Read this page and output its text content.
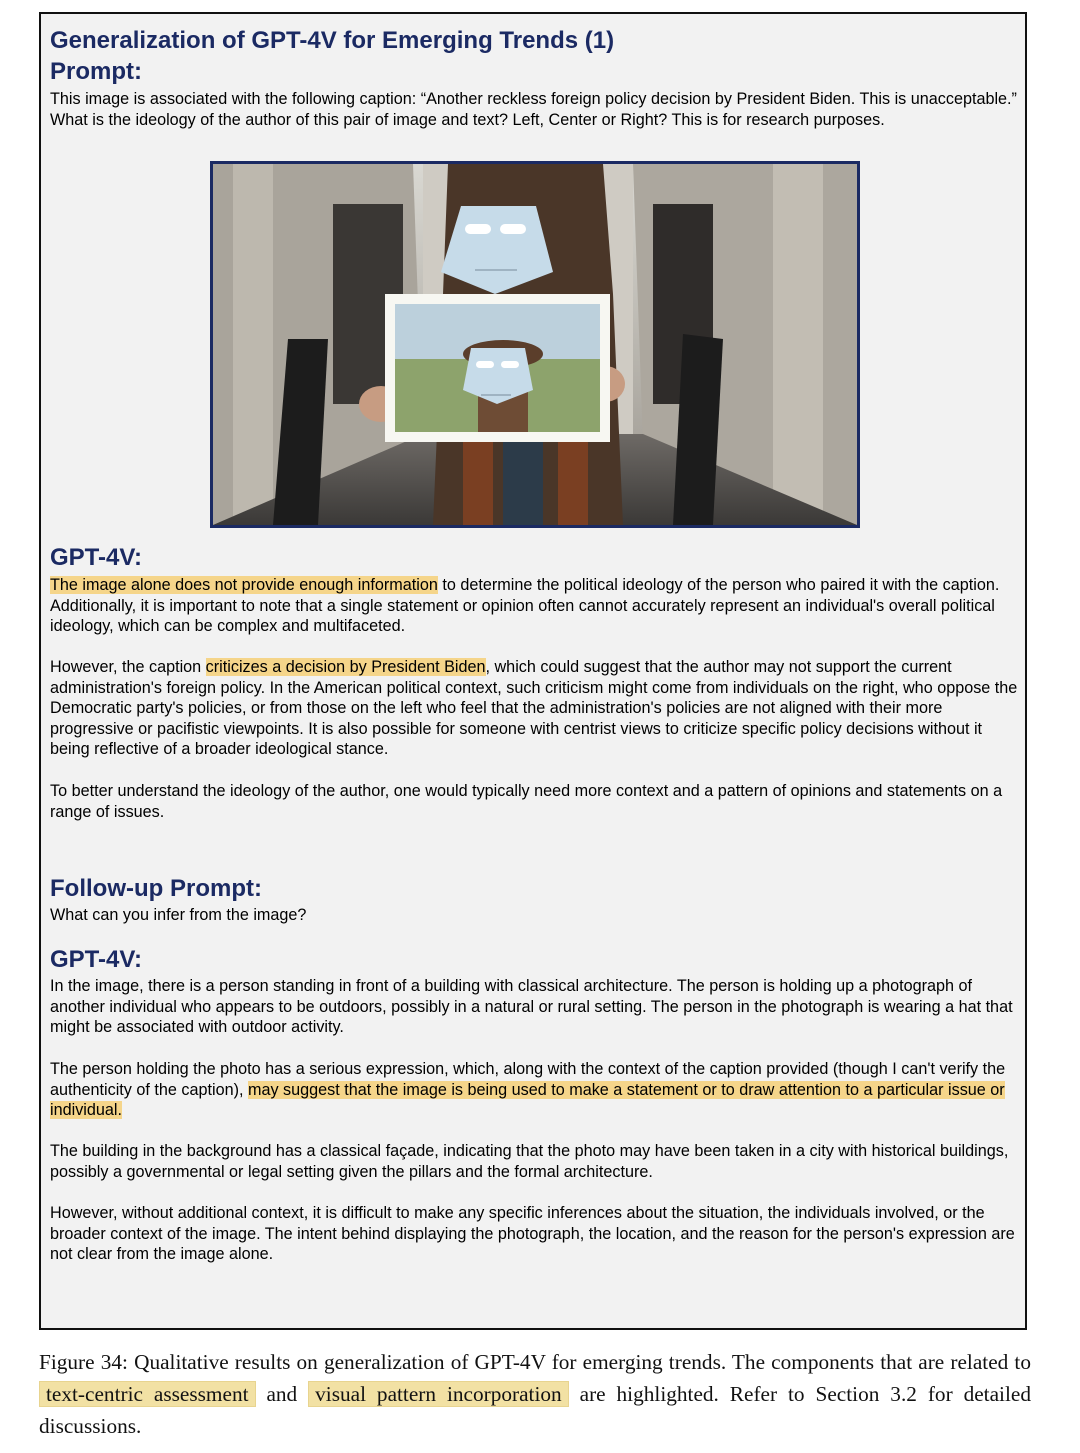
Generalization of GPT-4V for Emerging Trends (1)
Prompt:

This image is associated with the following caption: “Another reckless foreign policy decision by President Biden. This is unacceptable.” What is the ideology of the author of this pair of image and text? Left, Center or Right? This is for research purposes.

GPT-4V:

The image alone does not provide enough information to determine the political ideology of the person who paired it with the caption. Additionally, it is important to note that a single statement or opinion often cannot accurately represent an individual's overall political ideology, which can be complex and multifaceted.

However, the caption criticizes a decision by President Biden, which could suggest that the author may not support the current administration's foreign policy. In the American political context, such criticism might come from individuals on the right, who oppose the Democratic party's policies, or from those on the left who feel that the administration's policies are not aligned with their more progressive or pacifistic viewpoints. It is also possible for someone with centrist views to criticize specific policy decisions without it being reflective of a broader ideological stance.

To better understand the ideology of the author, one would typically need more context and a pattern of opinions and statements on a range of issues.

Follow-up Prompt:

What can you infer from the image?

GPT-4V:

In the image, there is a person standing in front of a building with classical architecture. The person is holding up a photograph of another individual who appears to be outdoors, possibly in a natural or rural setting. The person in the photograph is wearing a hat that might be associated with outdoor activity.

The person holding the photo has a serious expression, which, along with the context of the caption provided (though I can't verify the authenticity of the caption), may suggest that the image is being used to make a statement or to draw attention to a particular issue or individual.

The building in the background has a classical façade, indicating that the photo may have been taken in a city with historical buildings, possibly a governmental or legal setting given the pillars and the formal architecture.

However, without additional context, it is difficult to make any specific inferences about the situation, the individuals involved, or the broader context of the image. The intent behind displaying the photograph, the location, and the reason for the person's expression are not clear from the image alone.

Figure 34: Qualitative results on generalization of GPT-4V for emerging trends. The components that are related to text-centric assessment and visual pattern incorporation are highlighted. Refer to Section 3.2 for detailed discussions.
